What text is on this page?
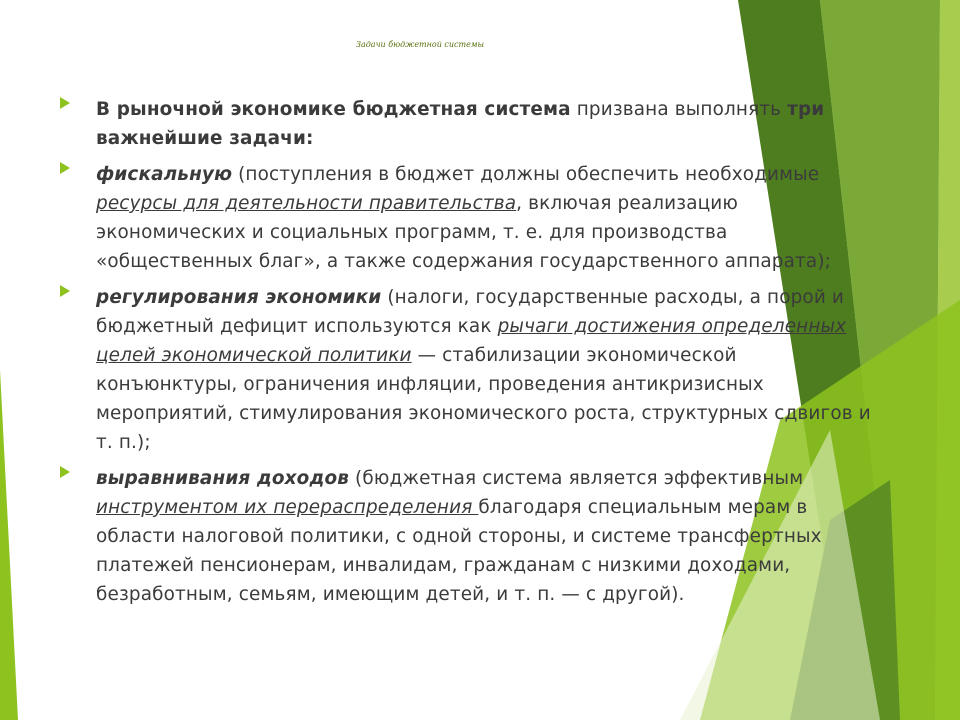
Задачи бюджетной системы
В рыночной экономике бюджетная система призвана выполнять три важнейшие задачи:
фискальную (поступления в бюджет должны обеспечить необходимые ресурсы для деятельности правительства, включая реализацию экономических и социальных программ, т. е. для производства «общественных благ», а также содержания государственного аппарата);
регулирования экономики (налоги, государственные расходы, а порой и бюджетный дефицит используются как рычаги достижения определенных целей экономической политики — стабилизации экономической конъюнктуры, ограничения инфляции, проведения антикризисных мероприятий, стимулирования экономического роста, структурных сдвигов и т. п.);
выравнивания доходов (бюджетная система является эффективным инструментом их перераспределения благодаря специальным мерам в области налоговой политики, с одной стороны, и системе трансфертных платежей пенсионерам, инвалидам, гражданам с низкими доходами, безработным, семьям, имеющим детей, и т. п. — с другой).
